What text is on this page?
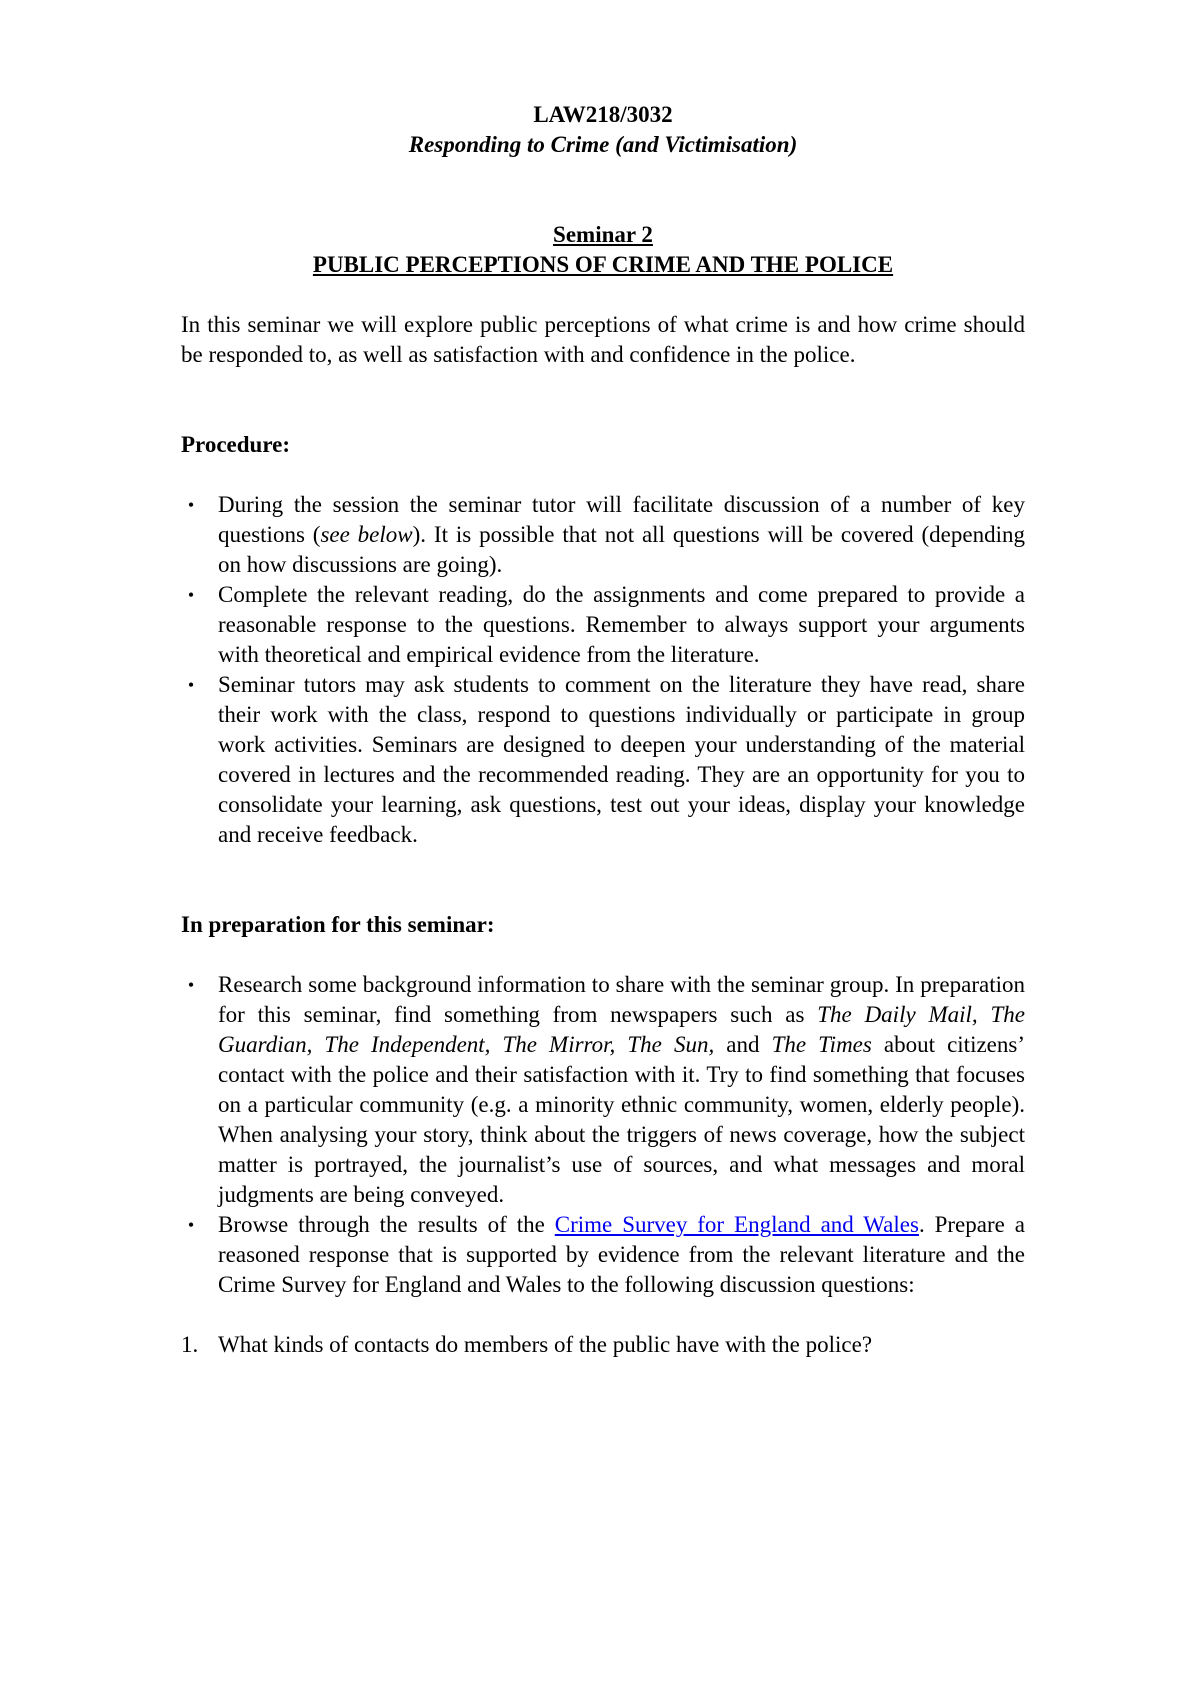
LAW218/3032

Responding to Crime (and Victimisation)

Seminar 2

PUBLIC PERCEPTIONS OF CRIME AND THE POLICE

In this seminar we will explore public perceptions of what crime is and how crime should be responded to, as well as satisfaction with and confidence in the police.

Procedure:

• During the session the seminar tutor will facilitate discussion of a number of key questions (see below). It is possible that not all questions will be covered (depending on how discussions are going).
• Complete the relevant reading, do the assignments and come prepared to provide a reasonable response to the questions. Remember to always support your arguments with theoretical and empirical evidence from the literature.
• Seminar tutors may ask students to comment on the literature they have read, share their work with the class, respond to questions individually or participate in group work activities. Seminars are designed to deepen your understanding of the material covered in lectures and the recommended reading. They are an opportunity for you to consolidate your learning, ask questions, test out your ideas, display your knowledge and receive feedback.

In preparation for this seminar:

• Research some background information to share with the seminar group. In preparation for this seminar, find something from newspapers such as The Daily Mail, The Guardian, The Independent, The Mirror, The Sun, and The Times about citizens’ contact with the police and their satisfaction with it. Try to find something that focuses on a particular community (e.g. a minority ethnic community, women, elderly people). When analysing your story, think about the triggers of news coverage, how the subject matter is portrayed, the journalist’s use of sources, and what messages and moral judgments are being conveyed.
• Browse through the results of the Crime Survey for England and Wales. Prepare a reasoned response that is supported by evidence from the relevant literature and the Crime Survey for England and Wales to the following discussion questions:
1. What kinds of contacts do members of the public have with the police?
